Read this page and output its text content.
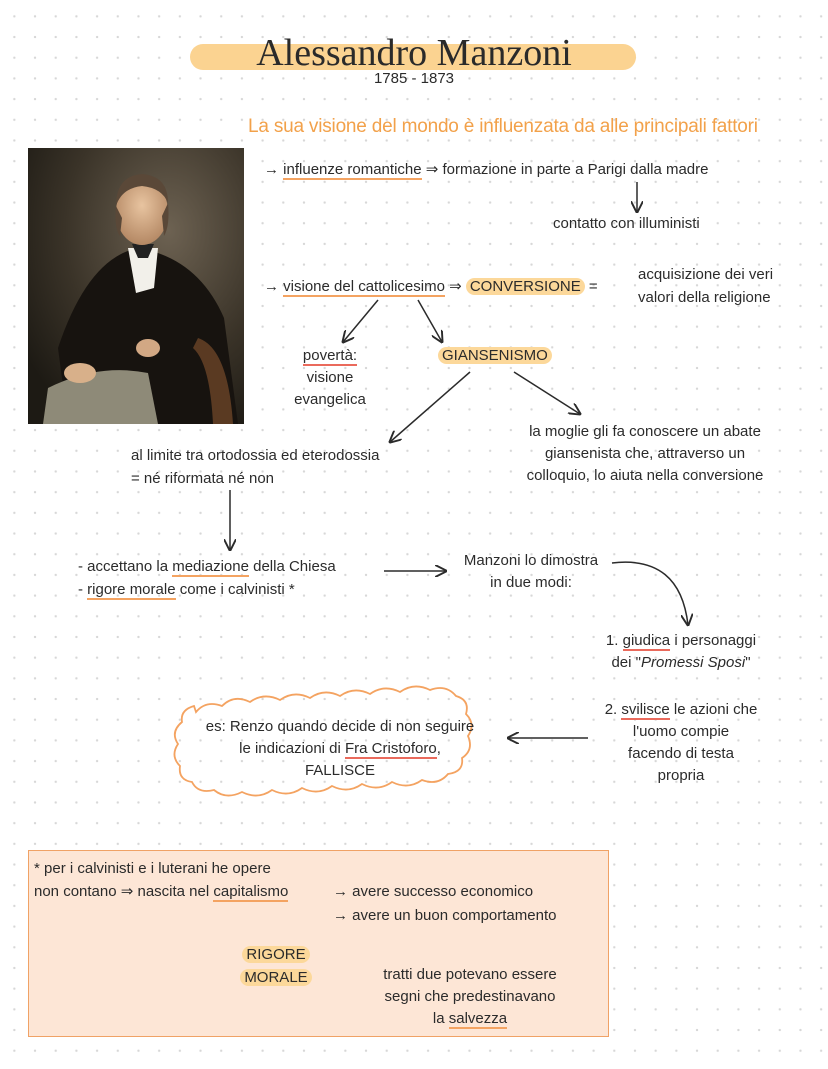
Alessandro Manzoni
1785 - 1873
La sua visione del mondo è influenzata da alle principali fattori
→ influenze romantiche ⇒ formazione in parte a Parigi dalla madre
contatto con illuministi
→ visione del cattolicesimo ⇒ CONVERSIONE =
acquisizione dei veri
valori della religione
povertà:
visione
evangelica
GIANSENISMO
al limite tra ortodossia ed eterodossia
= né riformata né non
la moglie gli fa conoscere un abate
giansenista che, attraverso un
colloquio, lo aiuta nella conversione
- accettano la mediazione della Chiesa
- rigore morale come i calvinisti *
Manzoni lo dimostra
in due modi:
1. giudica i personaggi
dei "Promessi Sposi"
2. svilisce le azioni che
l'uomo compie
facendo di testa
propria
es: Renzo quando decide di non seguire
le indicazioni di Fra Cristoforo,
FALLISCE
* per i calvinisti e i luterani he opere
non contano ⇒ nascita nel capitalismo	→ avere successo economico
→ avere un buon comportamento
RIGORE
MORALE	tratti due potevano essere
segni che predestinavano
la salvezza
